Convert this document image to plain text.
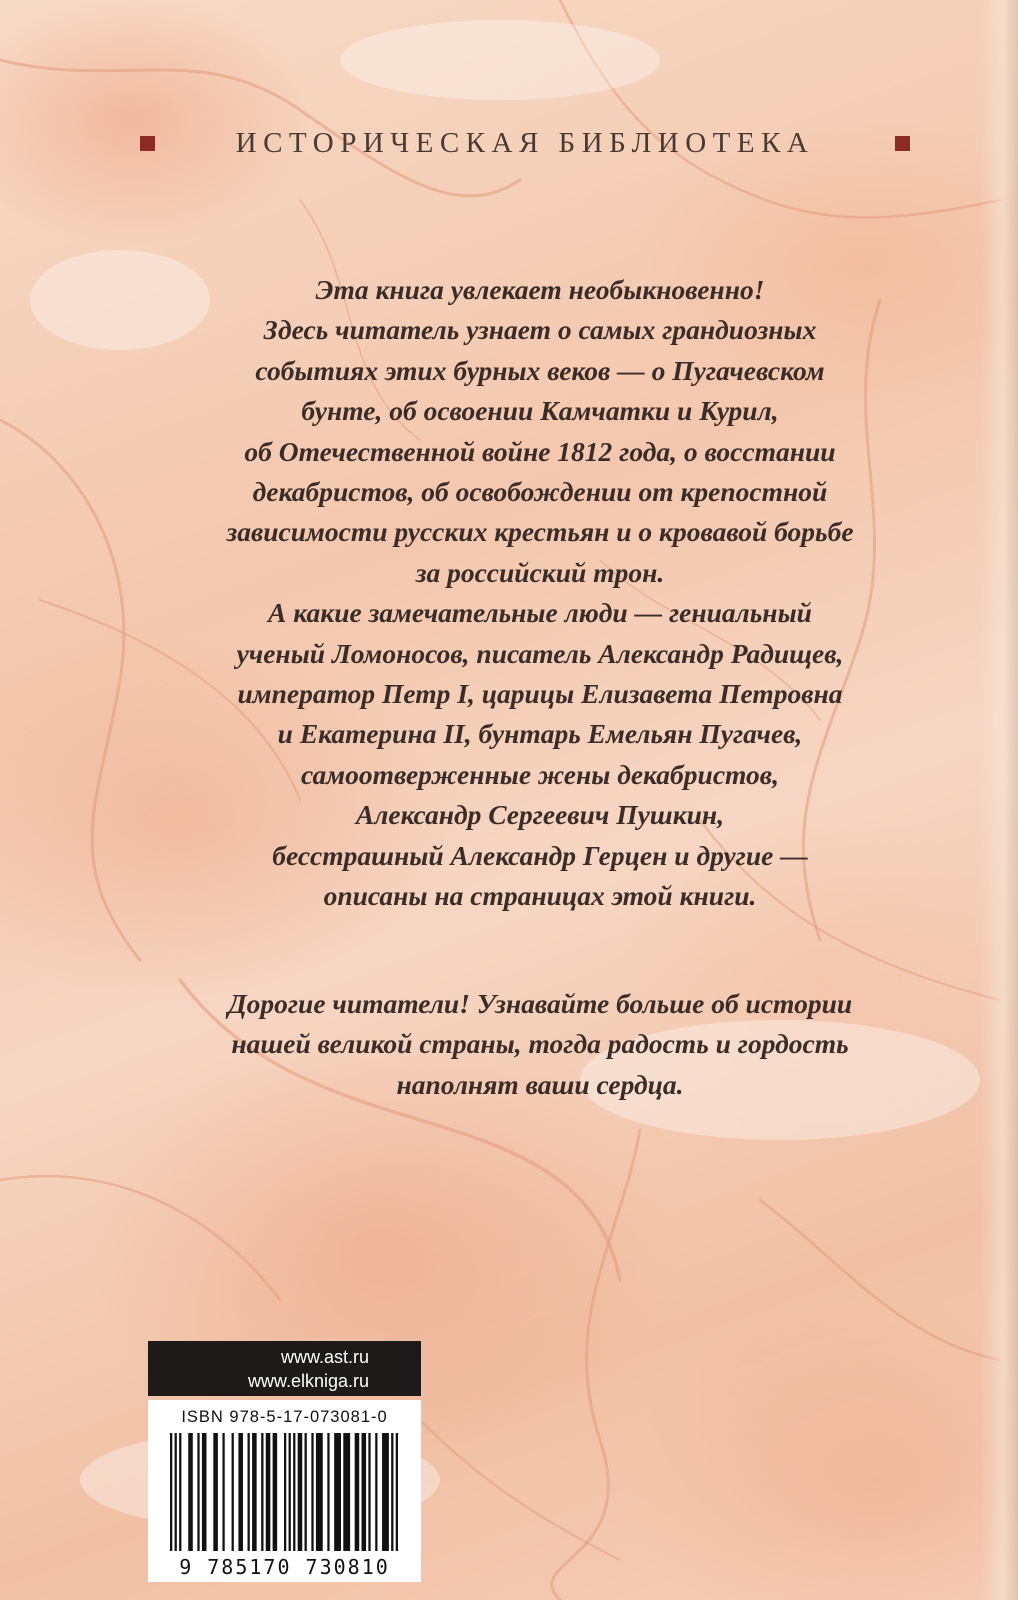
ИСТОРИЧЕСКАЯ БИБЛИОТЕКА

Эта книга увлекает необыкновенно!

Здесь читатель узнает о самых грандиозных

событиях этих бурных веков — о Пугачевском

бунте, об освоении Камчатки и Курил,

об Отечественной войне 1812 года, о восстании

декабристов, об освобождении от крепостной

зависимости русских крестьян и о кровавой борьбе

за российский трон.

А какие замечательные люди — гениальный

ученый Ломоносов, писатель Александр Радищев,

император Петр I, царицы Елизавета Петровна

и Екатерина II, бунтарь Емельян Пугачев,

самоотверженные жены декабристов,

Александр Сергеевич Пушкин,

бесстрашный Александр Герцен и другие —

описаны на страницах этой книги.

Дорогие читатели! Узнавайте больше об истории

нашей великой страны, тогда радость и гордость

наполнят ваши сердца.

www.ast.ru
www.elkniga.ru
ISBN 978-5-17-073081-0
9 785170 730810
